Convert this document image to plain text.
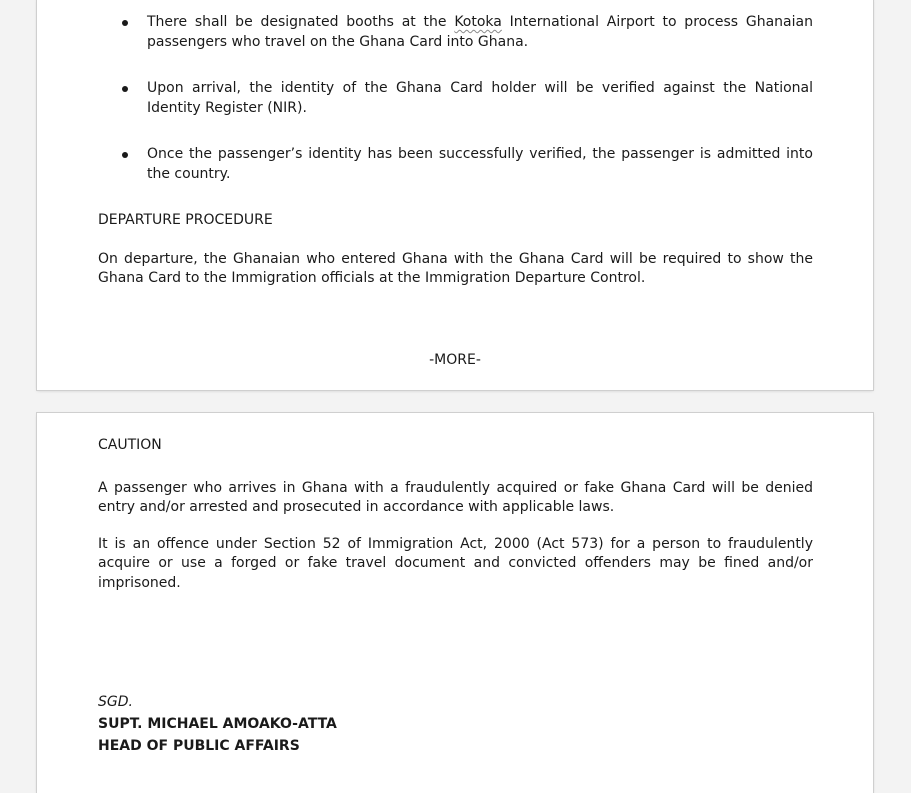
There shall be designated booths at the Kotoka International Airport to process Ghanaian passengers who travel on the Ghana Card into Ghana.
Upon arrival, the identity of the Ghana Card holder will be verified against the National Identity Register (NIR).
Once the passenger’s identity has been successfully verified, the passenger is admitted into the country.
DEPARTURE PROCEDURE

On departure, the Ghanaian who entered Ghana with the Ghana Card will be required to show the Ghana Card to the Immigration officials at the Immigration Departure Control.

-MORE-
CAUTION

A passenger who arrives in Ghana with a fraudulently acquired or fake Ghana Card will be denied entry and/or arrested and prosecuted in accordance with applicable laws.

It is an offence under Section 52 of Immigration Act, 2000 (Act 573) for a person to fraudulently acquire or use a forged or fake travel document and convicted offenders may be fined and/or imprisoned.

SGD.
SUPT. MICHAEL AMOAKO-ATTA
HEAD OF PUBLIC AFFAIRS
